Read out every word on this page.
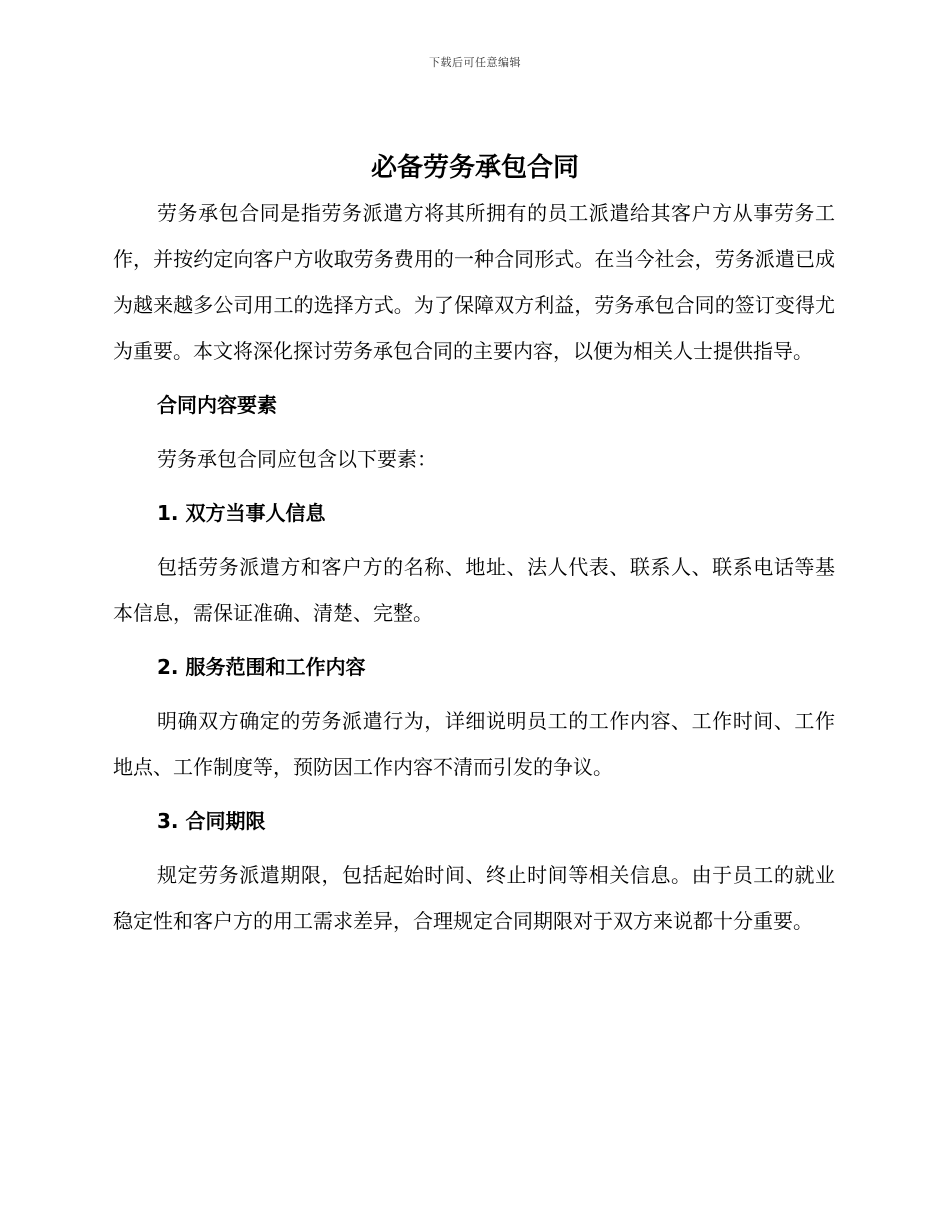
下载后可任意编辑
必备劳务承包合同

劳务承包合同是指劳务派遣方将其所拥有的员工派遣给其客户方从事劳务工作，并按约定向客户方收取劳务费用的一种合同形式。在当今社会，劳务派遣已成为越来越多公司用工的选择方式。为了保障双方利益，劳务承包合同的签订变得尤为重要。本文将深化探讨劳务承包合同的主要内容，以便为相关人士提供指导。

合同内容要素

劳务承包合同应包含以下要素：

1. 双方当事人信息

包括劳务派遣方和客户方的名称、地址、法人代表、联系人、联系电话等基本信息，需保证准确、清楚、完整。

2. 服务范围和工作内容

明确双方确定的劳务派遣行为，详细说明员工的工作内容、工作时间、工作地点、工作制度等，预防因工作内容不清而引发的争议。

3. 合同期限

规定劳务派遣期限，包括起始时间、终止时间等相关信息。由于员工的就业稳定性和客户方的用工需求差异，合理规定合同期限对于双方来说都十分重要。
